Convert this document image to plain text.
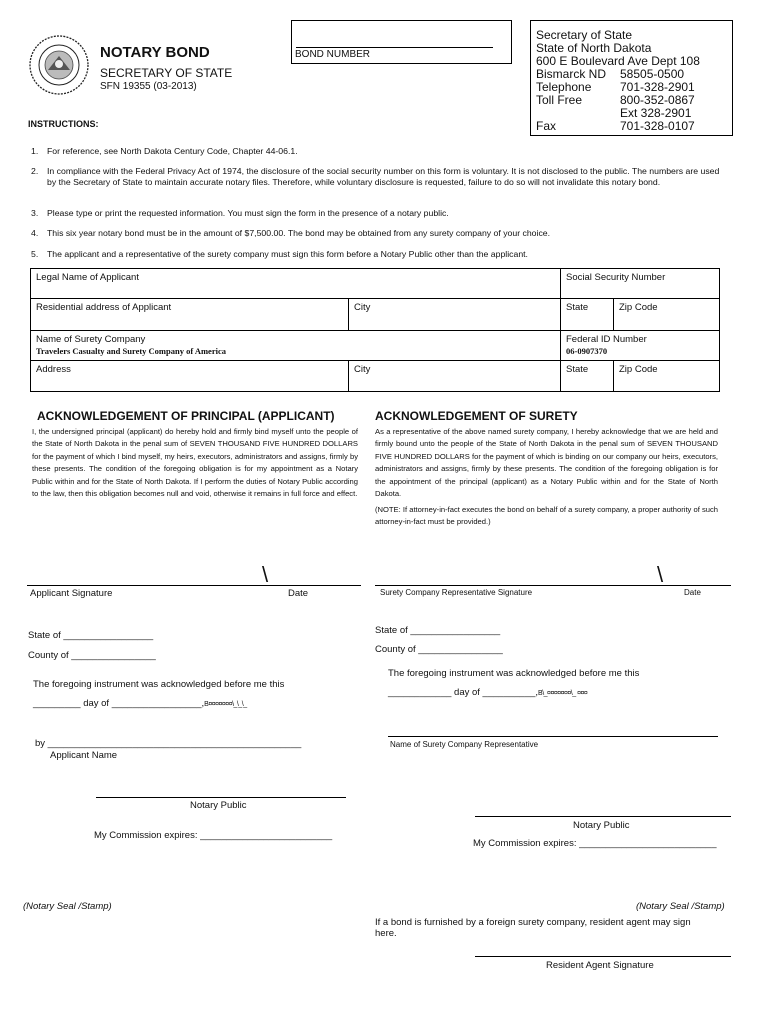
NOTARY BOND
SECRETARY OF STATE
SFN 19355 (03-2013)
BOND NUMBER
Secretary of State
State of North Dakota
600 E Boulevard Ave Dept 108
Bismarck ND 58505-0500
Telephone 701-328-2901
Toll Free	800-352-0867
Ext 328-2901
Fax	701-328-0107
INSTRUCTIONS:
1. For reference, see North Dakota Century Code, Chapter 44-06.1.
2. In compliance with the Federal Privacy Act of 1974, the disclosure of the social security number on this form is voluntary. It is not disclosed to the public. The numbers are used by the Secretary of State to maintain accurate notary files. Therefore, while voluntary disclosure is requested, failure to do so will not invalidate this notary bond.
3. Please type or print the requested information. You must sign the form in the presence of a notary public.
4. This six year notary bond must be in the amount of $7,500.00. The bond may be obtained from any surety company of your choice.
5. The applicant and a representative of the surety company must sign this form before a Notary Public other than the applicant.
Legal Name of Applicant	Social Security Number
Residential address of Applicant	City	State	Zip Code
Name of Surety Company
Travelers Casualty and Surety Company of America
Federal ID Number
06-0907370
Address	City	State	Zip Code
ACKNOWLEDGEMENT OF PRINCIPAL (APPLICANT)
I, the undersigned principal (applicant) do hereby hold and firmly bind myself unto the people of the State of North Dakota in the penal sum of SEVEN THOUSAND FIVE HUNDRED DOLLARS for the payment of which I bind myself, my heirs, executors, administrators and assigns, firmly by these presents. The condition of the foregoing obligation is for my appointment as a Notary Public within and for the State of North Dakota. If I perform the duties of Notary Public according to the law, then this obligation becomes null and void, otherwise it remains in full force and effect.
\
Applicant Signature	Date
State of _________________
County of ________________
The foregoing instrument was acknowledged before me this
_________ day of _________________,B¤¤¤¤¤¤¤\_\_\_
by ________________________________________________
Applicant Name
Notary Public
My Commission expires: _________________________
(Notary Seal /Stamp)
ACKNOWLEDGEMENT OF SURETY
As a representative of the above named surety company, I hereby acknowledge that we are held and firmly bound unto the people of the State of North Dakota in the penal sum of SEVEN THOUSAND FIVE HUNDRED DOLLARS for the payment of which is binding on our company our heirs, executors, administrators and assigns, firmly by these presents. The condition of the foregoing obligation is for the appointment of the principal (applicant) as a Notary Public within and for the State of North Dakota.
(NOTE: If attorney-in-fact executes the bond on behalf of a surety company, a proper authority of such attorney-in-fact must be provided.)
\
Surety Company Representative Signature	Date
State of _________________
County of ________________
The foregoing instrument was acknowledged before me this
____________ day of __________,B\_¤¤¤¤¤¤¤\_ ¤¤¤
Name of Surety Company Representative
Notary Public
My Commission expires: __________________________
(Notary Seal /Stamp)
If a bond is furnished by a foreign surety company, resident agent may sign here.
Resident Agent Signature
